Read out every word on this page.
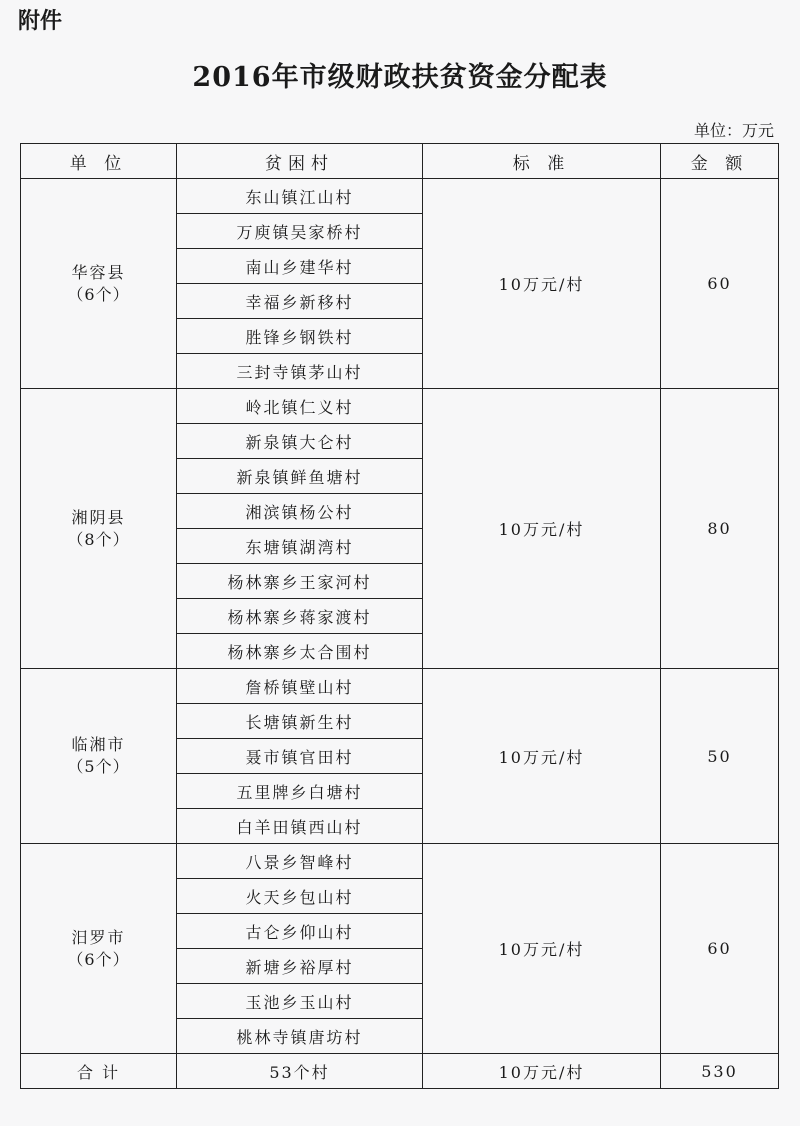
附件
2016年市级财政扶贫资金分配表
单位：万元
单 位	贫困村	标 准	金 额

华容县
（6个）	东山镇江山村	10万元/村	60
	万庾镇吴家桥村		
	南山乡建华村		
	幸福乡新移村		
	胜锋乡钢铁村		
	三封寺镇茅山村		

湘阴县
（8个）	岭北镇仁义村	10万元/村	80
	新泉镇大仑村		
	新泉镇鲜鱼塘村		
	湘滨镇杨公村		
	东塘镇湖湾村		
	杨林寨乡王家河村		
	杨林寨乡蒋家渡村		
	杨林寨乡太合围村		

临湘市
（5个）	詹桥镇壁山村	10万元/村	50
	长塘镇新生村		
	聂市镇官田村		
	五里牌乡白塘村		
	白羊田镇西山村		

汨罗市
（6个）	八景乡智峰村	10万元/村	60
	火天乡包山村		
	古仑乡仰山村		
	新塘乡裕厚村		
	玉池乡玉山村		
	桃林寺镇唐坊村		
合 计	53个村	10万元/村	530
